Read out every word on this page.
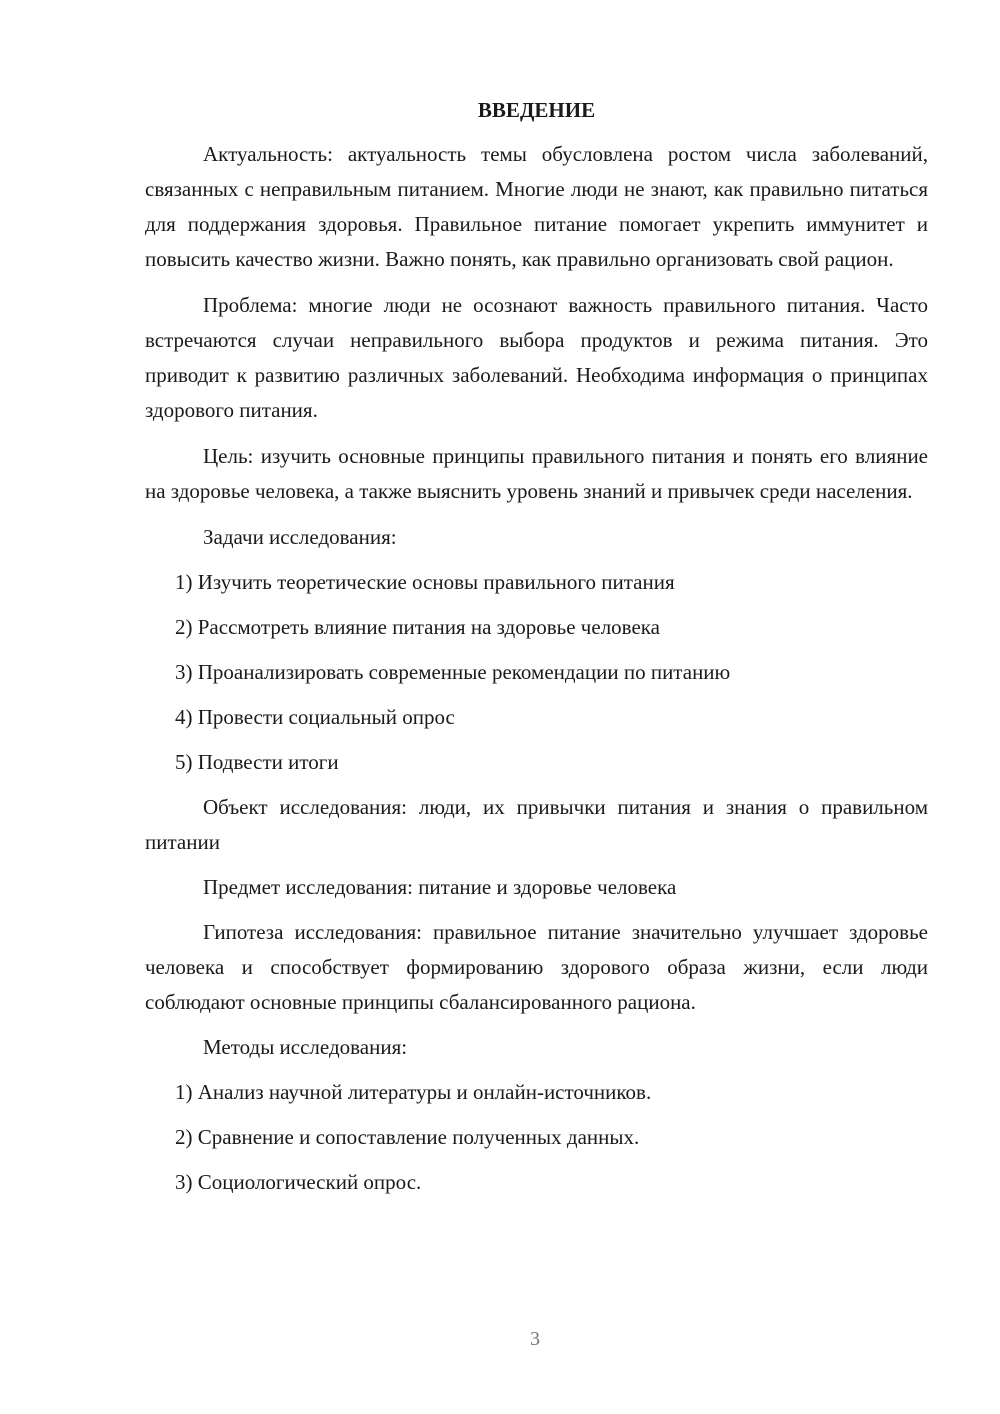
ВВЕДЕНИЕ

Актуальность: актуальность темы обусловлена ростом числа заболеваний, связанных с неправильным питанием. Многие люди не знают, как правильно питаться для поддержания здоровья. Правильное питание помогает укрепить иммунитет и повысить качество жизни. Важно понять, как правильно организовать свой рацион.

Проблема: многие люди не осознают важность правильного питания. Часто встречаются случаи неправильного выбора продуктов и режима питания. Это приводит к развитию различных заболеваний. Необходима информация о принципах здорового питания.

Цель: изучить основные принципы правильного питания и понять его влияние на здоровье человека, а также выяснить уровень знаний и привычек среди населения.

Задачи исследования:

1) Изучить теоретические основы правильного питания

2) Рассмотреть влияние питания на здоровье человека

3) Проанализировать современные рекомендации по питанию

4) Провести социальный опрос

5) Подвести итоги

Объект исследования: люди, их привычки питания и знания о правильном питании

Предмет исследования: питание и здоровье человека

Гипотеза исследования: правильное питание значительно улучшает здоровье человека и способствует формированию здорового образа жизни, если люди соблюдают основные принципы сбалансированного рациона.

Методы исследования:

1) Анализ научной литературы и онлайн-источников.

2) Сравнение и сопоставление полученных данных.

3) Социологический опрос.

3
